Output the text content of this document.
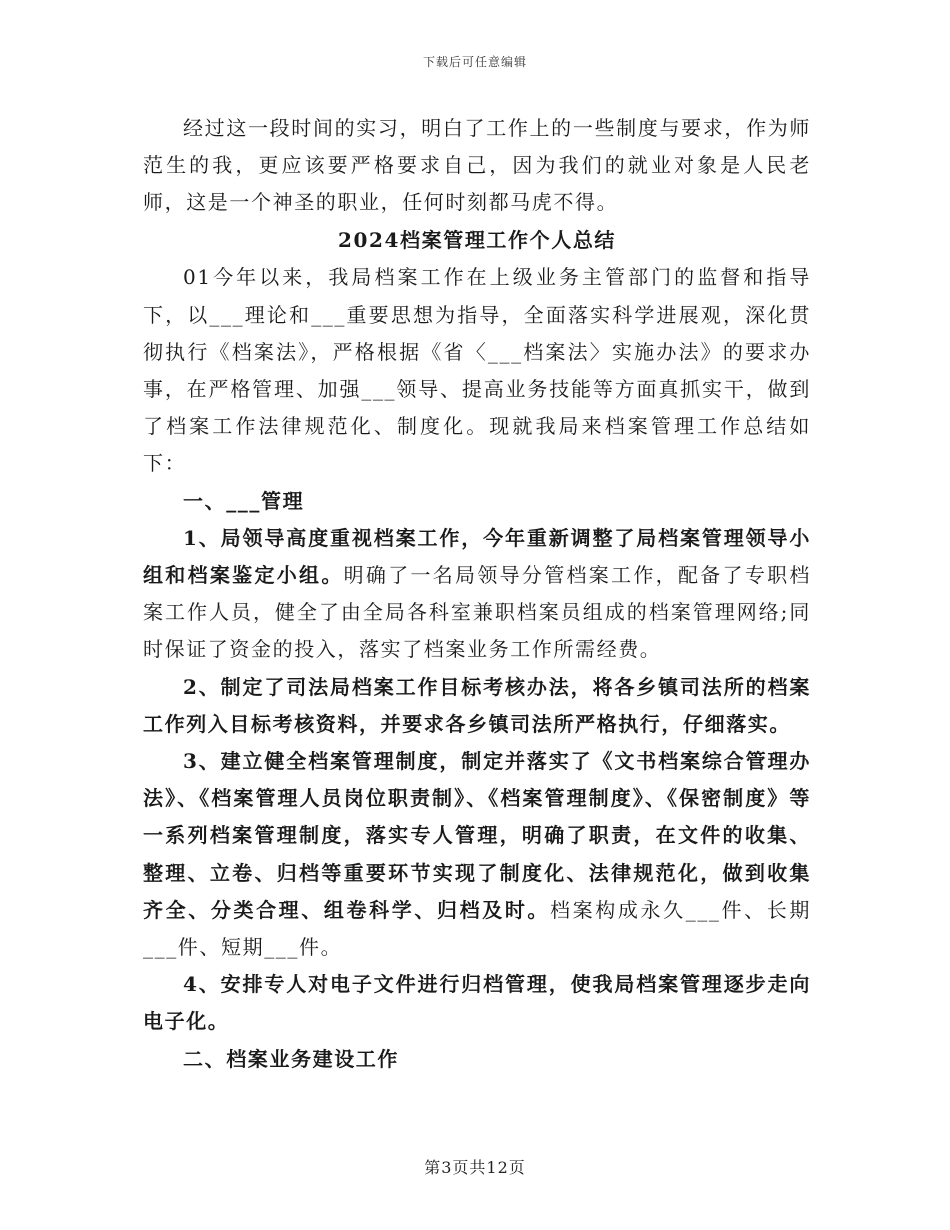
下载后可任意编辑

经过这一段时间的实习，明白了工作上的一些制度与要求，作为师范生的我，更应该要严格要求自己，因为我们的就业对象是人民老师，这是一个神圣的职业，任何时刻都马虎不得。

2024档案管理工作个人总结

01今年以来，我局档案工作在上级业务主管部门的监督和指导下，以___理论和___重要思想为指导，全面落实科学进展观，深化贯彻执行《档案法》，严格根据《省〈___档案法〉实施办法》的要求办事，在严格管理、加强___领导、提高业务技能等方面真抓实干，做到了档案工作法律规范化、制度化。现就我局来档案管理工作总结如下：

一、___管理

1、局领导高度重视档案工作，今年重新调整了局档案管理领导小组和档案鉴定小组。明确了一名局领导分管档案工作，配备了专职档案工作人员，健全了由全局各科室兼职档案员组成的档案管理网络;同时保证了资金的投入，落实了档案业务工作所需经费。

2、制定了司法局档案工作目标考核办法，将各乡镇司法所的档案工作列入目标考核资料，并要求各乡镇司法所严格执行，仔细落实。

3、建立健全档案管理制度，制定并落实了《文书档案综合管理办法》、《档案管理人员岗位职责制》、《档案管理制度》、《保密制度》等一系列档案管理制度，落实专人管理，明确了职责，在文件的收集、整理、立卷、归档等重要环节实现了制度化、法律规范化，做到收集齐全、分类合理、组卷科学、归档及时。档案构成永久___件、长期___件、短期___件。

4、安排专人对电子文件进行归档管理，使我局档案管理逐步走向电子化。

二、档案业务建设工作

第3页共12页
